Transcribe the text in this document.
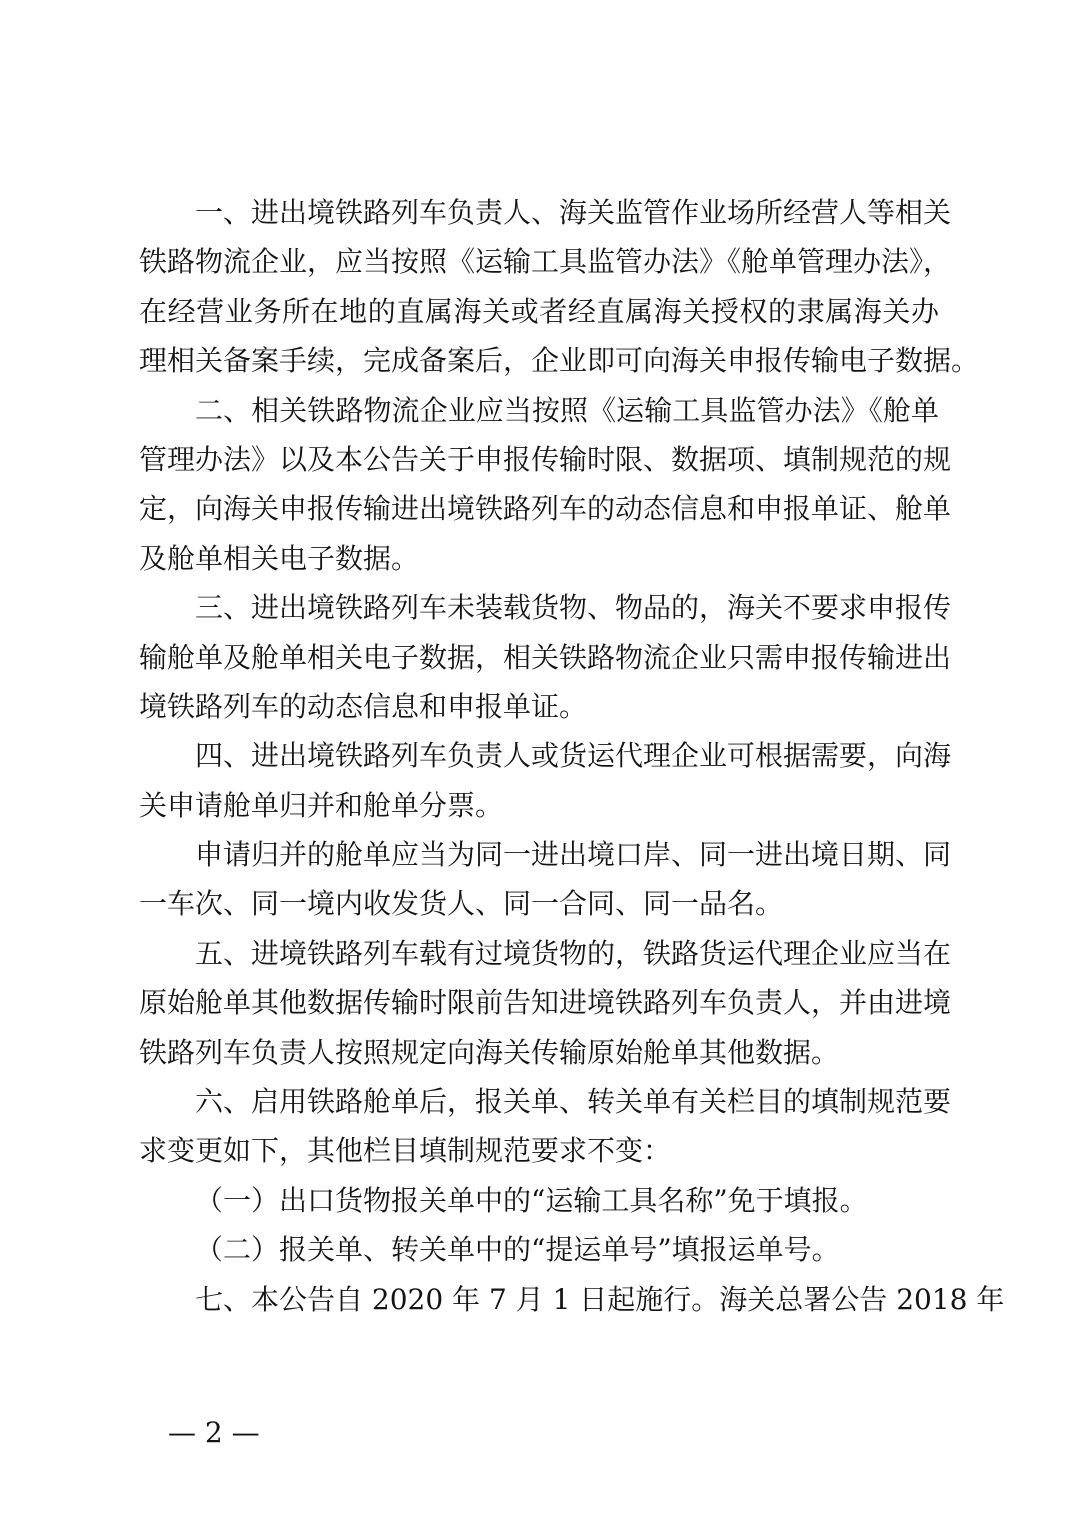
一、进出境铁路列车负责人、海关监管作业场所经营人等相关
铁路物流企业，应当按照《运输工具监管办法》《舱单管理办法》，
在经营业务所在地的直属海关或者经直属海关授权的隶属海关办
理相关备案手续，完成备案后，企业即可向海关申报传输电子数据。
二、相关铁路物流企业应当按照《运输工具监管办法》《舱单
管理办法》以及本公告关于申报传输时限、数据项、填制规范的规
定，向海关申报传输进出境铁路列车的动态信息和申报单证、舱单
及舱单相关电子数据。
三、进出境铁路列车未装载货物、物品的，海关不要求申报传
输舱单及舱单相关电子数据，相关铁路物流企业只需申报传输进出
境铁路列车的动态信息和申报单证。
四、进出境铁路列车负责人或货运代理企业可根据需要，向海
关申请舱单归并和舱单分票。
申请归并的舱单应当为同一进出境口岸、同一进出境日期、同
一车次、同一境内收发货人、同一合同、同一品名。
五、进境铁路列车载有过境货物的，铁路货运代理企业应当在
原始舱单其他数据传输时限前告知进境铁路列车负责人，并由进境
铁路列车负责人按照规定向海关传输原始舱单其他数据。
六、启用铁路舱单后，报关单、转关单有关栏目的填制规范要
求变更如下，其他栏目填制规范要求不变：
（一）出口货物报关单中的“运输工具名称”免于填报。
（二）报关单、转关单中的“提运单号”填报运单号。
七、本公告自 2020 年 7 月 1 日起施行。海关总署公告 2018 年
— 2 —
